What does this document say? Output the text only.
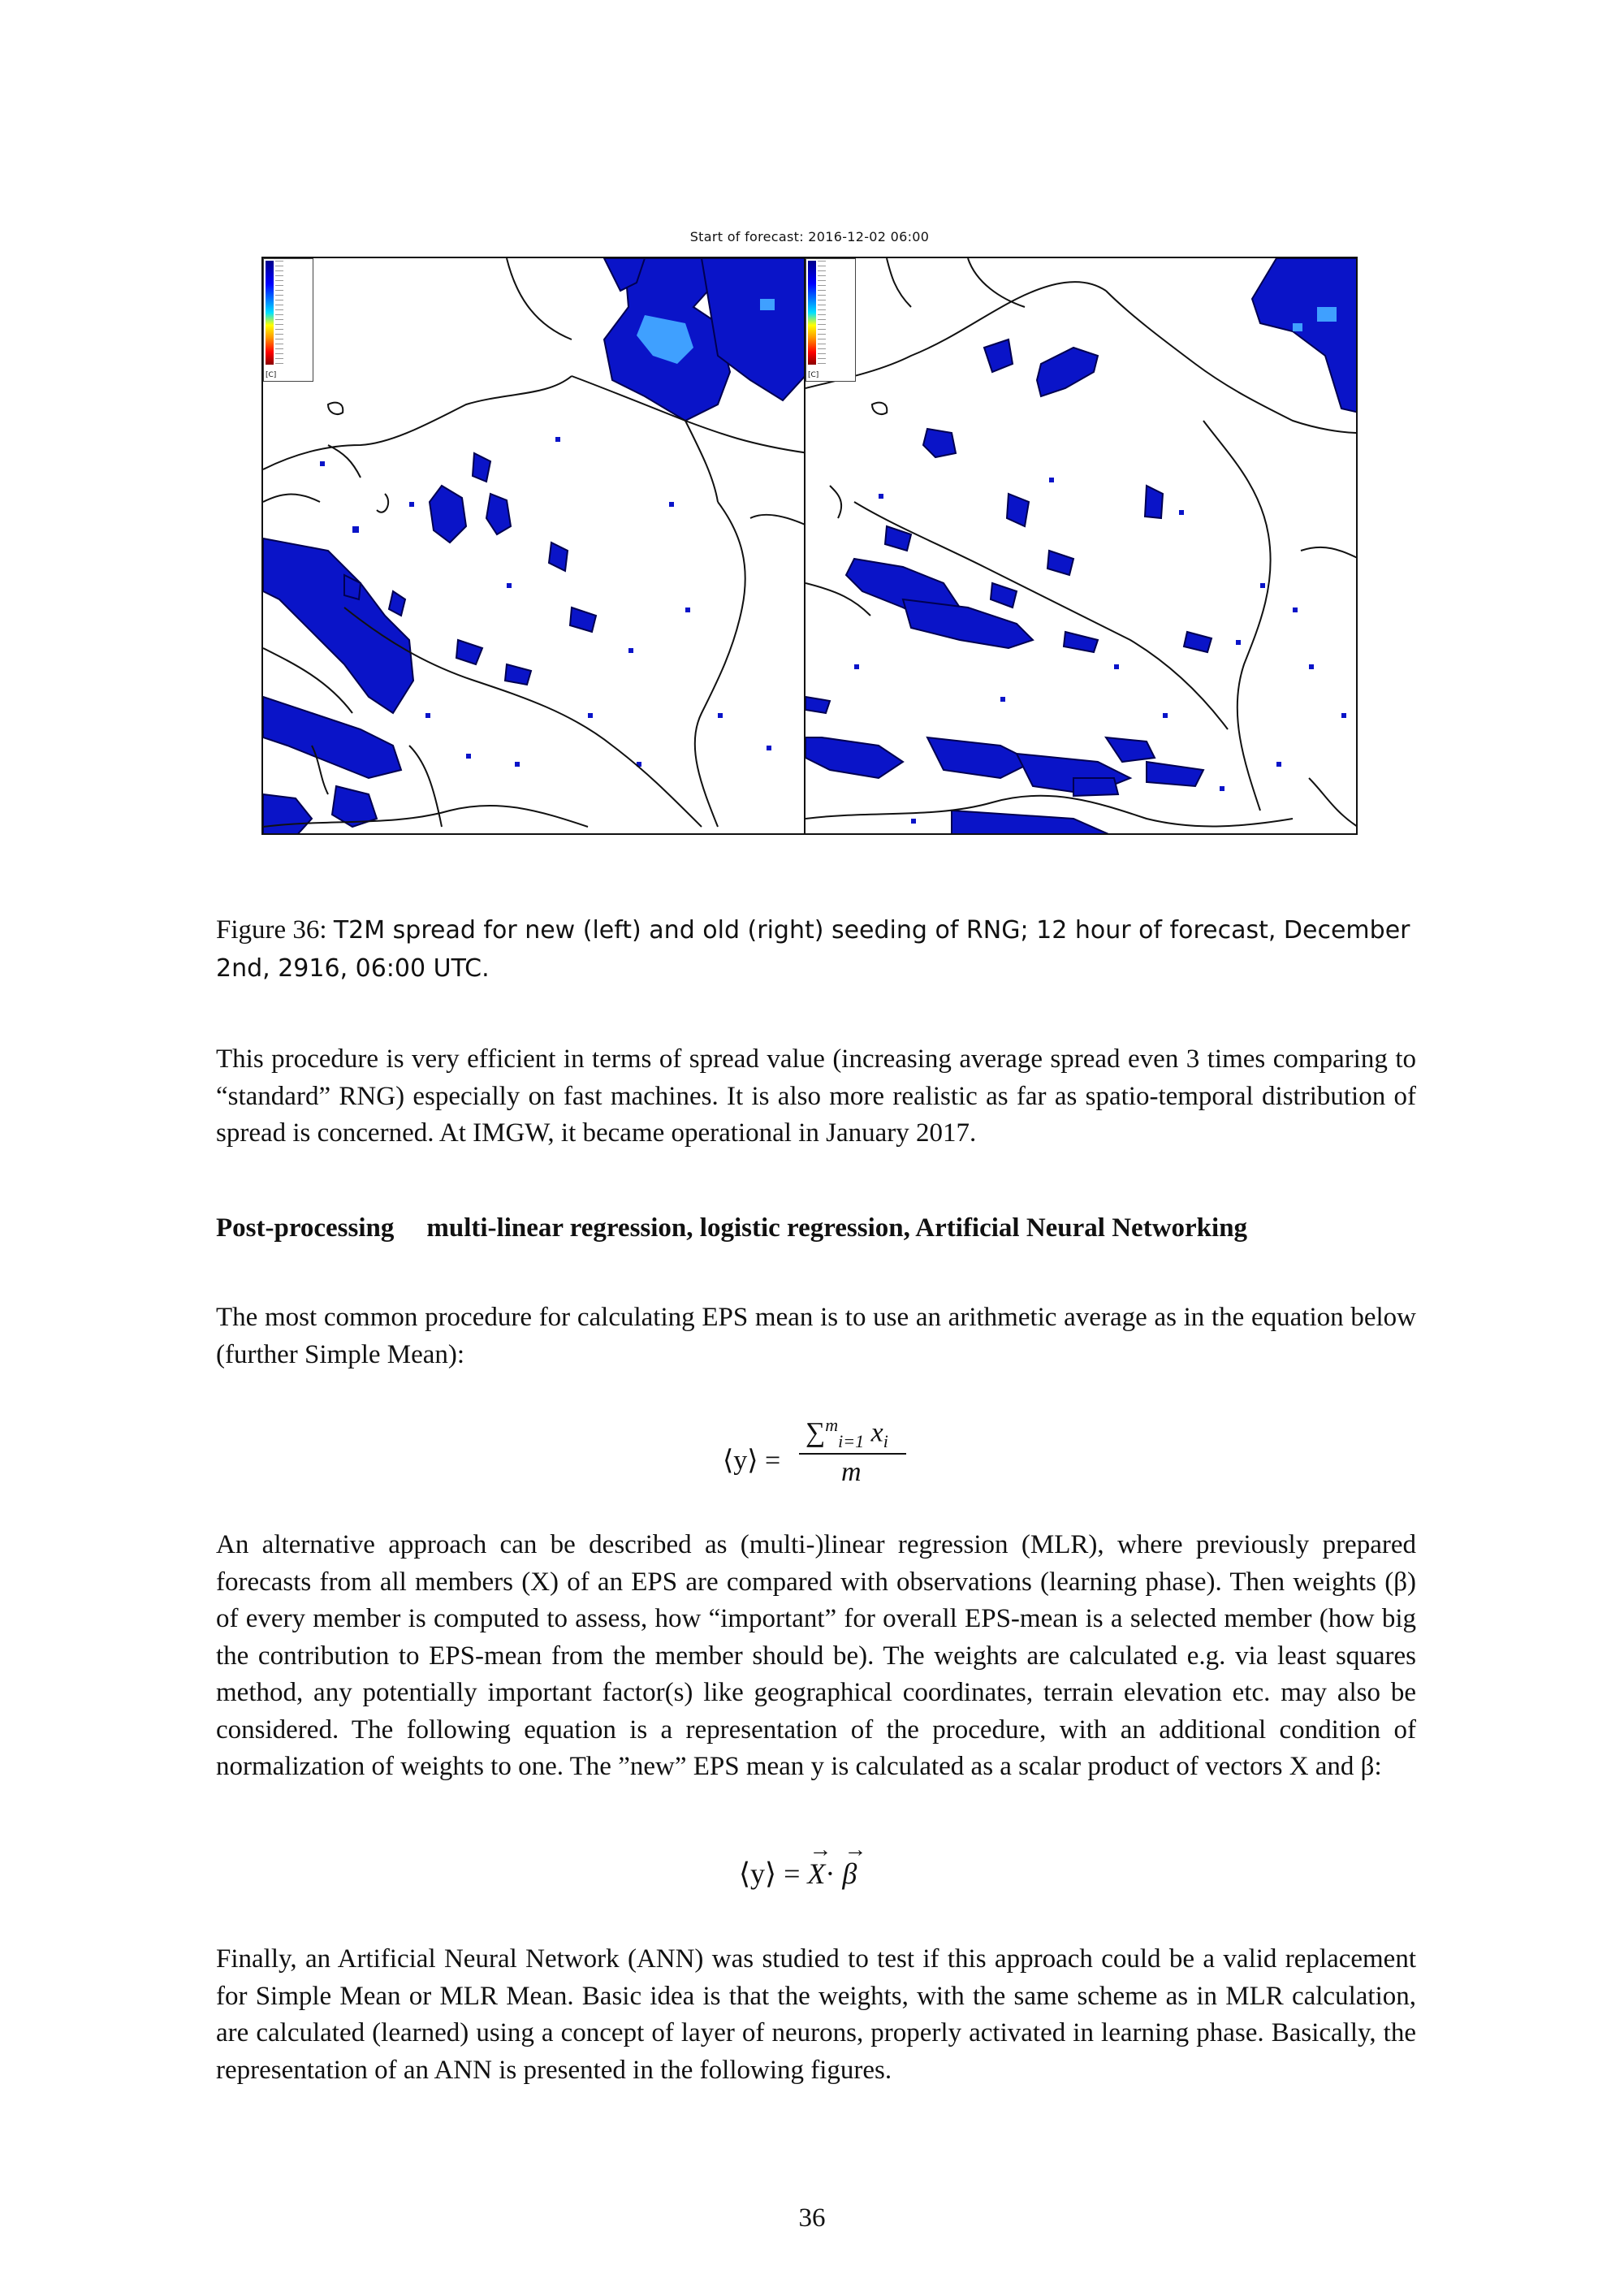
Start of forecast: 2016-12-02 06:00
[C]	[C]
Figure 36: T2M spread for new (left) and old (right) seeding of RNG; 12 hour of forecast, December 2nd, 2916, 06:00 UTC.
This procedure is very efficient in terms of spread value (increasing average spread even 3 times comparing to “standard” RNG) especially on fast machines. It is also more realistic as far as spatio-temporal distribution of spread is concerned. At IMGW, it became operational in January 2017.
Post-processing multi-linear regression, logistic regression, Artificial Neural Networking
The most common procedure for calculating EPS mean is to use an arithmetic average as in the equation below (further Simple Mean):
⟨y⟩ =
∑$^m_{i=1}$ $x_i$
m
An alternative approach can be described as (multi-)linear regression (MLR), where previously prepared forecasts from all members (X) of an EPS are compared with observations (learning phase). Then weights (β) of every member is computed to assess, how “important” for overall EPS-mean is a selected member (how big the contribution to EPS-mean from the member should be). The weights are calculated e.g. via least squares method, any potentially important factor(s) like geographical coordinates, terrain elevation etc. may also be considered. The following equation is a representation of the procedure, with an additional condition of normalization of weights to one. The ”new” EPS mean y is calculated as a scalar product of vectors X and β:
⟨y⟩ = → X· → β
Finally, an Artificial Neural Network (ANN) was studied to test if this approach could be a valid replacement for Simple Mean or MLR Mean. Basic idea is that the weights, with the same scheme as in MLR calculation, are calculated (learned) using a concept of layer of neurons, properly activated in learning phase. Basically, the representation of an ANN is presented in the following figures.
36
